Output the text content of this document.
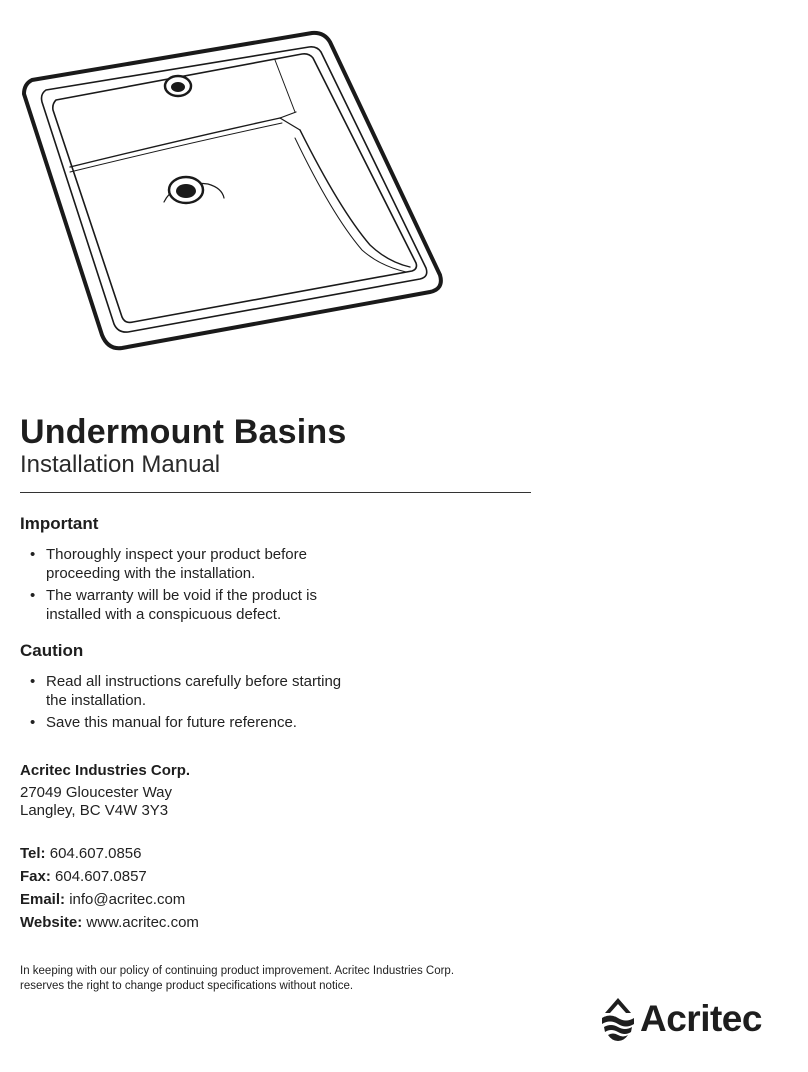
Undermount Basins
Installation Manual
Important
• Thoroughly inspect your product before proceeding with the installation.
• The warranty will be void if the product is installed with a conspicuous defect.
Caution
• Read all instructions carefully before starting the installation.
• Save this manual for future reference.
Acritec Industries Corp.
27049 Gloucester Way
Langley, BC V4W 3Y3
Tel: 604.607.0856
Fax: 604.607.0857
Email: info@acritec.com
Website: www.acritec.com
In keeping with our policy of continuing product improvement. Acritec Industries Corp.
reserves the right to change product specifications without notice.
Acritec
